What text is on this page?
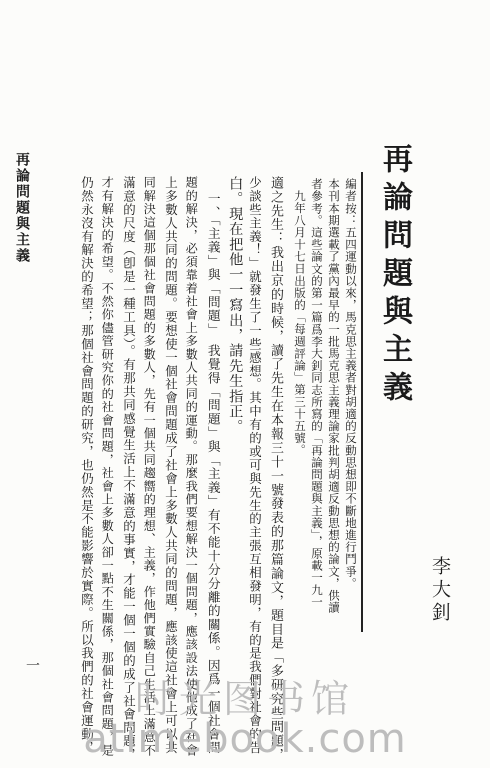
再論問題與主義
李大釗
編者按：五四運動以來，馬克思主義者對胡適的反動思想即不斷地進行鬥爭。
本刊本期選載了黨內最早的一批馬克思主義理論家批判胡適反動思想的論文，供讀
者參考。這些論文的第一篇爲李大釗同志所寫的「再論問題與主義」，原載一九一
九年八月十七日出版的「每週評論」第三十五號。
適之先生：我出京的時候，讀了先生在本報三十一號發表的那篇論文，題目是「多研究些問題，
少談些主義！」就發生了一些感想。其中有的或可與先生的主張互相發明，有的是我們對社會的告
白。現在把他一一寫出，請先生指正。
一、「主義」與「問題」　我覺得「問題」與「主義」有不能十分分離的關係。因爲一個社會問
題的解決，必須靠着社會上多數人共同的運動。那麼我們要想解決一個問題，應該設法使他成了社會
上多數人共同的問題。要想使一個社會問題成了社會上多數人共同的問題，應該使這社會上可以共
同解決這個那個社會問題的多數人，先有一個共同趨嚮的理想、主義，作他們實驗自己生活上滿意不
滿意的尺度（卽是一種工具）。有那共同感覺生活上不滿意的事實，才能一個一個的成了社會問題，
才有解決的希望。不然你儘管研究你的社會問題，社會上多數人卻一點不生關係，那個社會問題，是
仍然永沒有解決的希望；那個社會問題的研究，也仍然是不能影響於實際。所以我們的社會運動，
再論問題與主義
一
时光图书馆
atimebook.com
